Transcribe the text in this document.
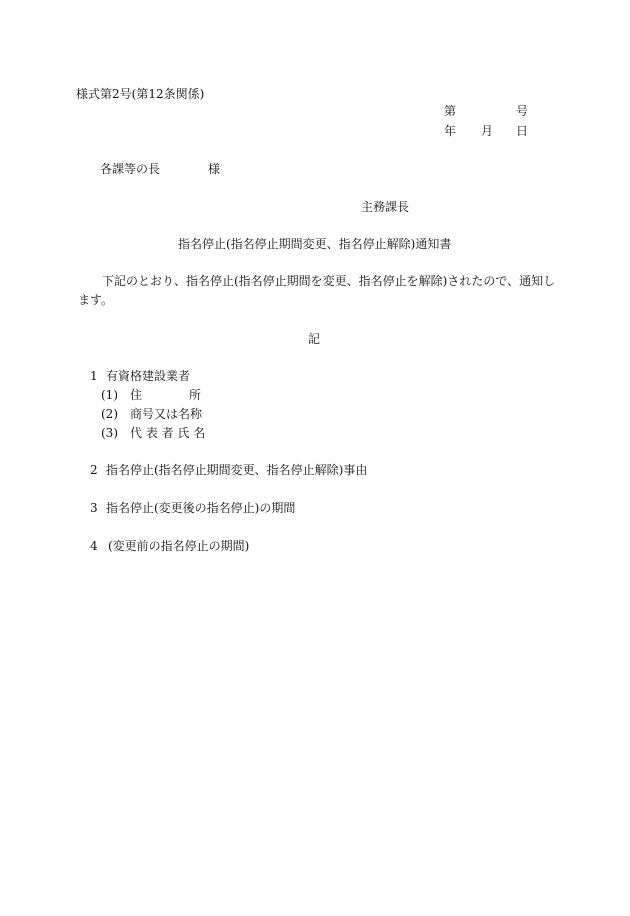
様式第2号(第12条関係)
第	号
年 月 日
各課等の長	様
主務課長
指名停止(指名停止期間変更、指名停止解除)通知書
下記のとおり、指名停止(指名停止期間を変更、指名停止を解除)されたので、通知します。
記
1 有資格建設業者
(1) 住	所
(2) 商号又は名称
(3) 代 表 者 氏 名
2 指名停止(指名停止期間変更、指名停止解除)事由
3 指名停止(変更後の指名停止)の期間
4 (変更前の指名停止の期間)
